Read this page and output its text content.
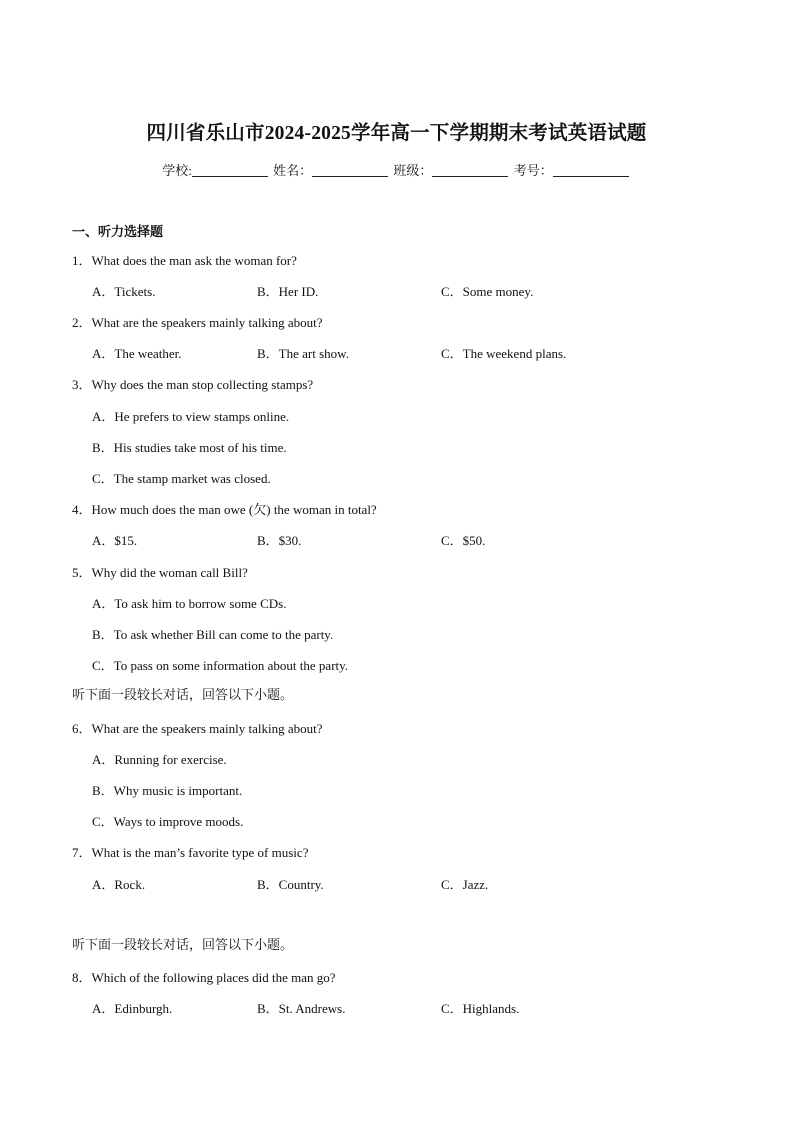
四川省乐山市2024-2025学年高一下学期期末考试英语试题
学校:	姓名：	班级：	考号：
一、听力选择题
1．What does the man ask the woman for?
A．Tickets.	B．Her ID.	C．Some money.
2．What are the speakers mainly talking about?
A．The weather.	B．The art show.	C．The weekend plans.
3．Why does the man stop collecting stamps?
A．He prefers to view stamps online.
B．His studies take most of his time.
C．The stamp market was closed.
4．How much does the man owe (欠) the woman in total?
A．$15.	B．$30.	C．$50.
5．Why did the woman call Bill?
A．To ask him to borrow some CDs.
B．To ask whether Bill can come to the party.
C．To pass on some information about the party.
听下面一段较长对话，回答以下小题。
6．What are the speakers mainly talking about?
A．Running for exercise.
B．Why music is important.
C．Ways to improve moods.
7．What is the man’s favorite type of music?
A．Rock.	B．Country.	C．Jazz.
听下面一段较长对话，回答以下小题。
8．Which of the following places did the man go?
A．Edinburgh.	B．St. Andrews.	C．Highlands.
